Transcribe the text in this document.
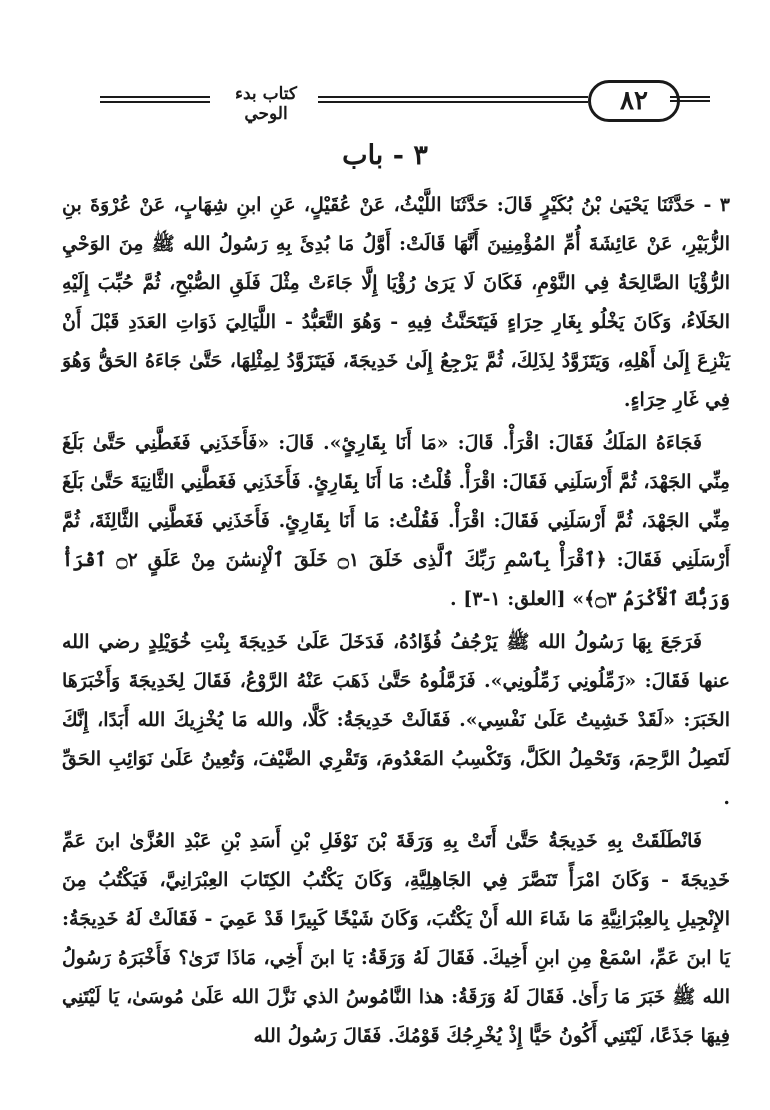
كتاب بدء الوحي	٨٢
٣ - باب

٣ - حَدَّثَنَا يَحْيَىٰ بْنُ بُكَيْرٍ قَالَ: حَدَّثَنَا اللَّيْثُ، عَنْ عُقَيْلٍ، عَنِ ابنِ شِهَابٍ، عَنْ عُرْوَةَ بنِ الزُّبَيْرِ، عَنْ عَائِشَةَ أُمِّ المُؤْمِنِينَ أَنَّهَا قَالَتْ: أَوَّلُ مَا بُدِئَ بِهِ رَسُولُ الله ﷺ مِنَ الوَحْيِ الرُّؤْيَا الصَّالِحَةُ فِي النَّوْمِ، فَكَانَ لَا يَرَىٰ رُؤْيَا إِلَّا جَاءَتْ مِثْلَ فَلَقِ الصُّبْحِ، ثُمَّ حُبِّبَ إِلَيْهِ الخَلَاءُ، وَكَانَ يَخْلُو بِغَارِ حِرَاءٍ فَيَتَحَنَّثُ فِيهِ - وَهُوَ التَّعَبُّدُ - اللَّيَالِيَ ذَوَاتِ العَدَدِ قَبْلَ أَنْ يَنْزِعَ إِلَىٰ أَهْلِهِ، وَيَتَزَوَّدُ لِذَلِكَ، ثُمَّ يَرْجِعُ إِلَىٰ خَدِيجَةَ، فَيَتَزَوَّدُ لِمِثْلِهَا، حَتَّىٰ جَاءَهُ الحَقُّ وَهُوَ فِي غَارِ حِرَاءٍ.

فَجَاءَهُ المَلَكُ فَقَالَ: اقْرَأْ. قَالَ: «مَا أَنَا بِقَارِئٍ». قَالَ: «فَأَخَذَنِي فَغَطَّنِي حَتَّىٰ بَلَغَ مِنِّي الجَهْدَ، ثُمَّ أَرْسَلَنِي فَقَالَ: اقْرَأْ. قُلْتُ: مَا أَنَا بِقَارِئٍ. فَأَخَذَنِي فَغَطَّنِي الثَّانِيَةَ حَتَّىٰ بَلَغَ مِنِّي الجَهْدَ، ثُمَّ أَرْسَلَنِي فَقَالَ: اقْرَأْ. فَقُلْتُ: مَا أَنَا بِقَارِئٍ. فَأَخَذَنِي فَغَطَّنِي الثَّالِثَةَ، ثُمَّ أَرْسَلَنِي فَقَالَ: ﴿ٱقْرَأْ بِٱسْمِ رَبِّكَ ٱلَّذِى خَلَقَ ۝١ خَلَقَ ٱلْإِنسَٰنَ مِنْ عَلَقٍ ۝٢ ٱقْرَأْ وَرَبُّكَ ٱلْأَكْرَمُ ۝٣﴾» [العلق: ١-٣] .

فَرَجَعَ بِهَا رَسُولُ الله ﷺ يَرْجُفُ فُؤَادُهُ، فَدَخَلَ عَلَىٰ خَدِيجَةَ بِنْتِ خُوَيْلِدٍ رضي الله عنها فَقَالَ: «زَمِّلُونِي زَمِّلُونِي». فَزَمَّلُوهُ حَتَّىٰ ذَهَبَ عَنْهُ الرَّوْعُ، فَقَالَ لِخَدِيجَةَ وَأَخْبَرَهَا الخَبَرَ: «لَقَدْ خَشِيتُ عَلَىٰ نَفْسِي». فَقَالَتْ خَدِيجَةُ: كَلَّا، والله مَا يُخْزِيكَ الله أَبَدًا، إِنَّكَ لَتَصِلُ الرَّحِمَ، وَتَحْمِلُ الكَلَّ، وَتَكْسِبُ المَعْدُومَ، وَتَقْرِي الضَّيْفَ، وَتُعِينُ عَلَىٰ نَوَائِبِ الحَقِّ .

فَانْطَلَقَتْ بِهِ خَدِيجَةُ حَتَّىٰ أَتَتْ بِهِ وَرَقَةَ بْنَ نَوْفَلِ بْنِ أَسَدِ بْنِ عَبْدِ العُزَّىٰ ابنَ عَمِّ خَدِيجَةَ - وَكَانَ امْرَأً تَنَصَّرَ فِي الجَاهِلِيَّةِ، وَكَانَ يَكْتُبُ الكِتَابَ العِبْرَانِيَّ، فَيَكْتُبُ مِنَ الإِنْجِيلِ بِالعِبْرَانِيَّةِ مَا شَاءَ الله أَنْ يَكْتُبَ، وَكَانَ شَيْخًا كَبِيرًا قَدْ عَمِيَ - فَقَالَتْ لَهُ خَدِيجَةُ: يَا ابنَ عَمِّ، اسْمَعْ مِنِ ابنِ أَخِيكَ. فَقَالَ لَهُ وَرَقَةُ: يَا ابنَ أَخِي، مَاذَا تَرَىٰ؟ فَأَخْبَرَهُ رَسُولُ الله ﷺ خَبَرَ مَا رَأَىٰ. فَقَالَ لَهُ وَرَقَةُ: هذا النَّامُوسُ الذي نَزَّلَ الله عَلَىٰ مُوسَىٰ، يَا لَيْتَنِي فِيهَا جَذَعًا، لَيْتَنِي أَكُونُ حَيًّا إِذْ يُخْرِجُكَ قَوْمُكَ. فَقَالَ رَسُولُ الله
